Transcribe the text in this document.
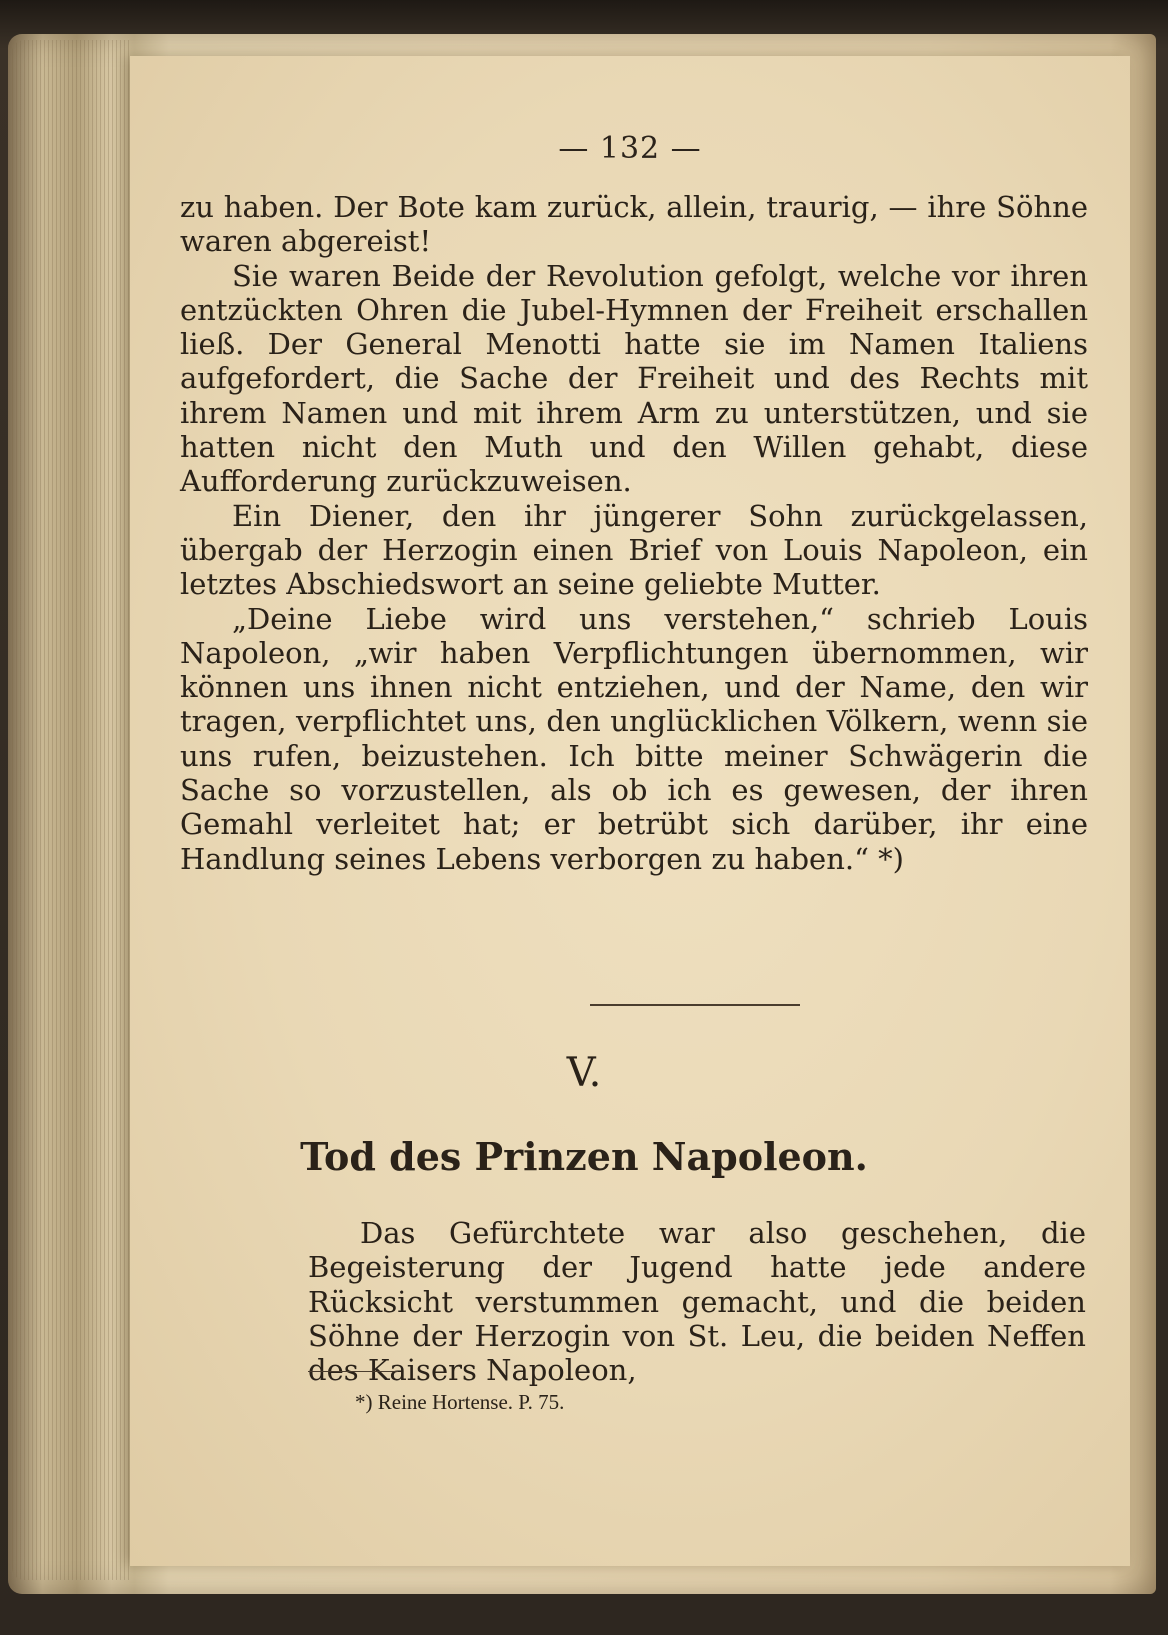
— 132 —

zu haben. Der Bote kam zurück, allein, traurig, — ihre Söhne waren abgereist!

Sie waren Beide der Revolution gefolgt, welche vor ihren entzückten Ohren die Jubel-Hymnen der Freiheit erschallen ließ. Der General Menotti hatte sie im Namen Italiens aufgefordert, die Sache der Freiheit und des Rechts mit ihrem Namen und mit ihrem Arm zu unterstützen, und sie hatten nicht den Muth und den Willen gehabt, diese Aufforderung zurückzuweisen.

Ein Diener, den ihr jüngerer Sohn zurückgelassen, übergab der Herzogin einen Brief von Louis Napoleon, ein letztes Abschiedswort an seine geliebte Mutter.

„Deine Liebe wird uns verstehen,“ schrieb Louis Napoleon, „wir haben Verpflichtungen übernommen, wir können uns ihnen nicht entziehen, und der Name, den wir tragen, verpflichtet uns, den unglücklichen Völkern, wenn sie uns rufen, beizustehen. Ich bitte meiner Schwägerin die Sache so vorzustellen, als ob ich es gewesen, der ihren Gemahl verleitet hat; er betrübt sich darüber, ihr eine Handlung seines Lebens verborgen zu haben.“ *)

V.
Tod des Prinzen Napoleon.

Das Gefürchtete war also geschehen, die Begeisterung der Jugend hatte jede andere Rücksicht verstummen gemacht, und die beiden Söhne der Herzogin von St. Leu, die beiden Neffen des Kaisers Napoleon,

*) Reine Hortense. P. 75.
